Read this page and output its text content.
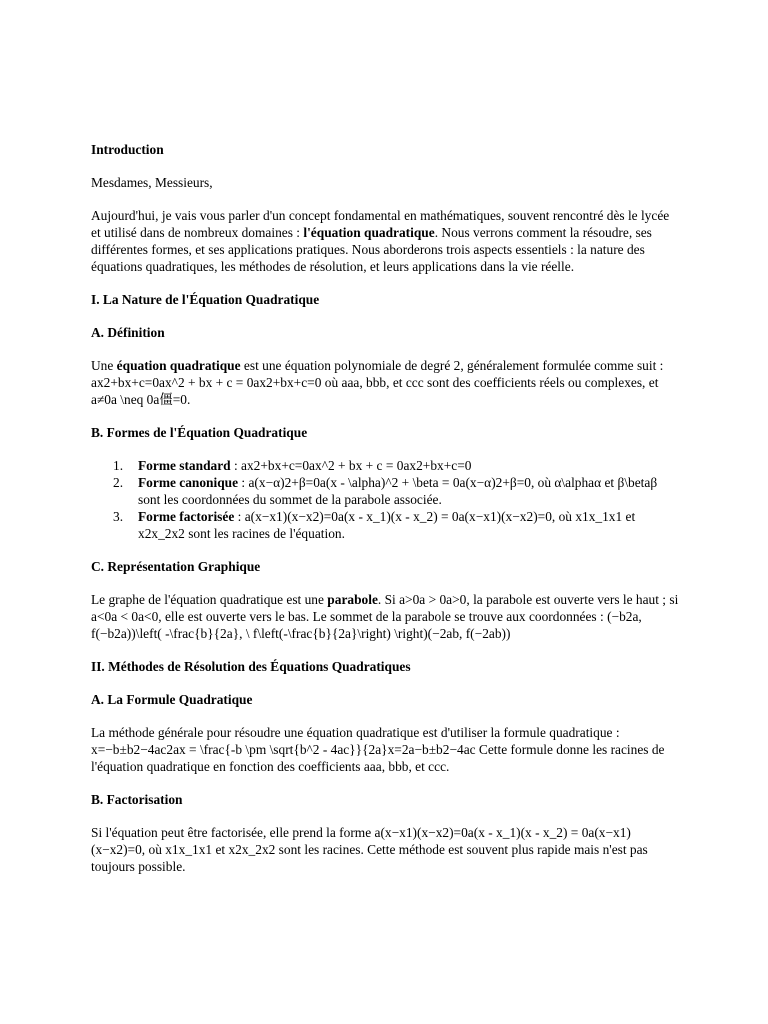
Introduction

Mesdames, Messieurs,

Aujourd'hui, je vais vous parler d'un concept fondamental en mathématiques, souvent rencontré dès le lycée et utilisé dans de nombreux domaines : l'équation quadratique. Nous verrons comment la résoudre, ses différentes formes, et ses applications pratiques. Nous aborderons trois aspects essentiels : la nature des équations quadratiques, les méthodes de résolution, et leurs applications dans la vie réelle.

I. La Nature de l'Équation Quadratique
A. Définition

Une équation quadratique est une équation polynomiale de degré 2, généralement formulée comme suit : ax2+bx+c=0ax^2 + bx + c = 0ax2+bx+c=0 où aaa, bbb, et ccc sont des coefficients réels ou complexes, et a≠0a \neq 0a僵=0.

B. Formes de l'Équation Quadratique
1. Forme standard : ax2+bx+c=0ax^2 + bx + c = 0ax2+bx+c=0
2. Forme canonique : a(x−α)2+β=0a(x - \alpha)^2 + \beta = 0a(x−α)2+β=0, où α\alphaα et β\betaβ sont les coordonnées du sommet de la parabole associée.
3. Forme factorisée : a(x−x1)(x−x2)=0a(x - x_1)(x - x_2) = 0a(x−x1)(x−x2)=0, où x1x_1x1 et x2x_2x2 sont les racines de l'équation.
C. Représentation Graphique

Le graphe de l'équation quadratique est une parabole. Si a>0a > 0a>0, la parabole est ouverte vers le haut ; si a<0a < 0a<0, elle est ouverte vers le bas. Le sommet de la parabole se trouve aux coordonnées : (−b2a, f(−b2a))\left( -\frac{b}{2a}, \ f\left(-\frac{b}{2a}\right) \right)(−2ab, f(−2ab))

II. Méthodes de Résolution des Équations Quadratiques
A. La Formule Quadratique

La méthode générale pour résoudre une équation quadratique est d'utiliser la formule quadratique : x=−b±b2−4ac2ax = \frac{-b \pm \sqrt{b^2 - 4ac}}{2a}x=2a−b±b2−4ac Cette formule donne les racines de l'équation quadratique en fonction des coefficients aaa, bbb, et ccc.

B. Factorisation

Si l'équation peut être factorisée, elle prend la forme a(x−x1)(x−x2)=0a(x - x_1)(x - x_2) = 0a(x−x1)(x−x2)=0, où x1x_1x1 et x2x_2x2 sont les racines. Cette méthode est souvent plus rapide mais n'est pas toujours possible.
